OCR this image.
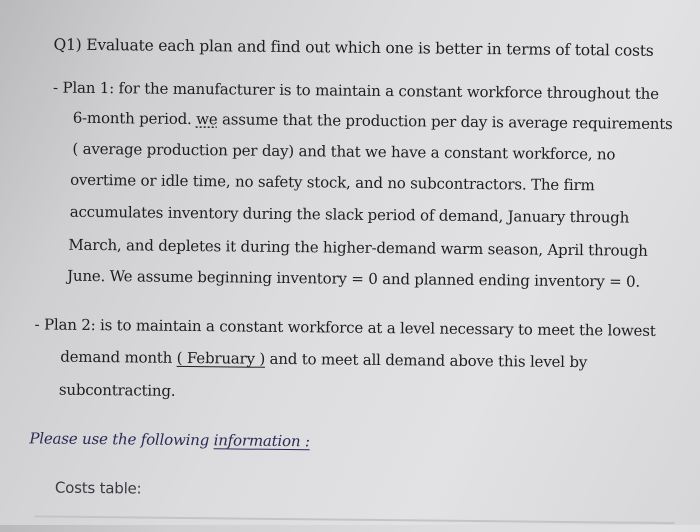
Q1) Evaluate each plan and find out which one is better in terms of total costs
- Plan 1: for the manufacturer is to maintain a constant workforce throughout the
6-month period. we assume that the production per day is average requirements
( average production per day) and that we have a constant workforce, no
overtime or idle time, no safety stock, and no subcontractors. The firm
accumulates inventory during the slack period of demand, January through
March, and depletes it during the higher-demand warm season, April through
June. We assume beginning inventory = 0 and planned ending inventory = 0.
- Plan 2: is to maintain a constant workforce at a level necessary to meet the lowest
demand month ( February ) and to meet all demand above this level by
subcontracting.
Please use the following information :
Costs table:
